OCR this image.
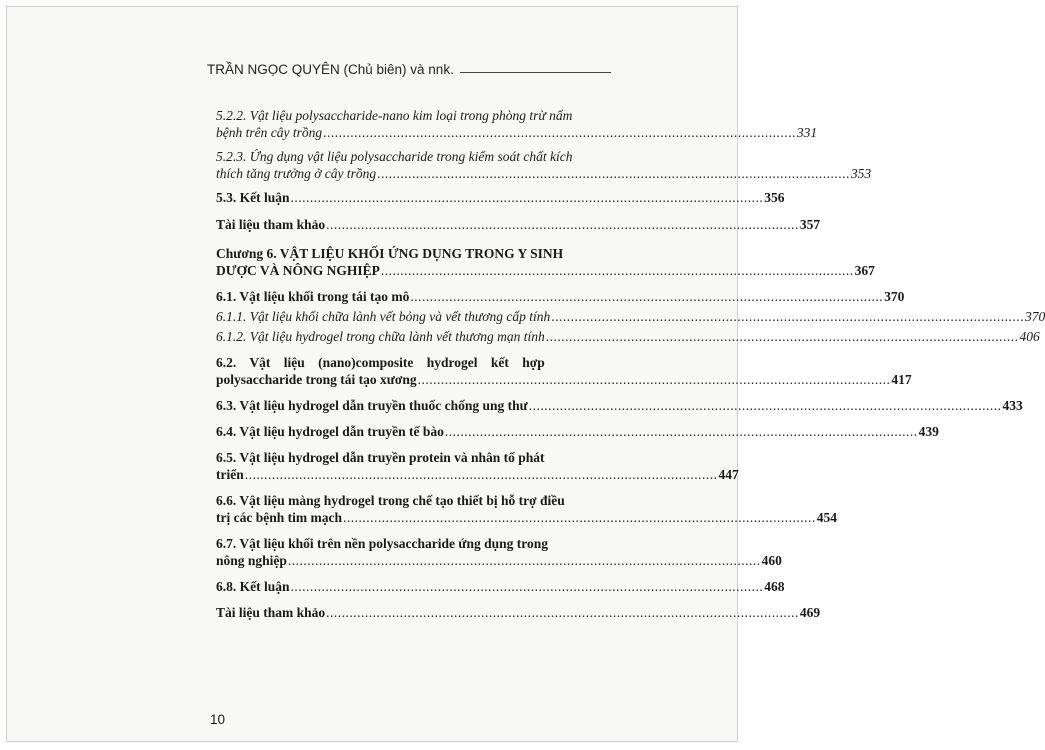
TRẦN NGỌC QUYÊN (Chủ biên) và nnk.
5.2.2. Vật liệu polysaccharide-nano kim loại trong phòng trừ nấm
bệnh trên cây trồng .......................................................................................................................... 331
5.2.3. Ứng dụng vật liệu polysaccharide trong kiểm soát chất kích
thích tăng trưởng ở cây trồng .......................................................................................................................... 353
5.3. Kết luận .......................................................................................................................... 356
Tài liệu tham khảo .......................................................................................................................... 357
Chương 6. VẬT LIỆU KHỐI ỨNG DỤNG TRONG Y SINH
DƯỢC VÀ NÔNG NGHIỆP .......................................................................................................................... 367
6.1. Vật liệu khối trong tái tạo mô .......................................................................................................................... 370
6.1.1. Vật liệu khối chữa lành vết bỏng và vết thương cấp tính .......................................................................................................................... 370
6.1.2. Vật liệu hydrogel trong chữa lành vết thương mạn tính .......................................................................................................................... 406
6.2. Vật liệu (nano)composite hydrogel kết hợp
polysaccharide trong tái tạo xương .......................................................................................................................... 417
6.3. Vật liệu hydrogel dẫn truyền thuốc chống ung thư .......................................................................................................................... 433
6.4. Vật liệu hydrogel dẫn truyền tế bào .......................................................................................................................... 439
6.5. Vật liệu hydrogel dẫn truyền protein và nhân tố phát
triển .......................................................................................................................... 447
6.6. Vật liệu màng hydrogel trong chế tạo thiết bị hỗ trợ điều
trị các bệnh tim mạch .......................................................................................................................... 454
6.7. Vật liệu khối trên nền polysaccharide ứng dụng trong
nông nghiệp .......................................................................................................................... 460
6.8. Kết luận .......................................................................................................................... 468
Tài liệu tham khảo .......................................................................................................................... 469
10
